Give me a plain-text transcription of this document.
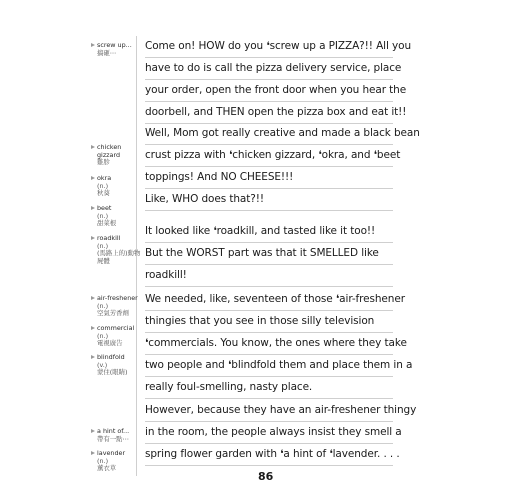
screw up...
搞砸⋯
chicken gizzard
雞胗
okra
(n.)
秋葵
beet
(n.)
甜菜根
roadkill
(n.)
(馬路上的)動物屍體
air-freshener
(n.)
空氣芳香劑
commercial
(n.)
電視廣告
blindfold
(v.)
蒙住(眼睛)
a hint of...
帶有一點⋯
lavender
(n.)
薰衣草
Come on! HOW do you ❛screw up a PIZZA?!! All you
have to do is call the pizza delivery service, place
your order, open the front door when you hear the
doorbell, and THEN open the pizza box and eat it!!
Well, Mom got really creative and made a black bean
crust pizza with ❛chicken gizzard, ❛okra, and ❛beet
toppings! And NO CHEESE!!!
Like, WHO does that?!!
It looked like ❛roadkill, and tasted like it too!!
But the WORST part was that it SMELLED like
roadkill!
We needed, like, seventeen of those ❛air-freshener
thingies that you see in those silly television
❛commercials. You know, the ones where they take
two people and ❛blindfold them and place them in a
really foul-smelling, nasty place.
However, because they have an air-freshener thingy
in the room, the people always insist they smell a
spring flower garden with ❛a hint of ❛lavender. . . .
86
